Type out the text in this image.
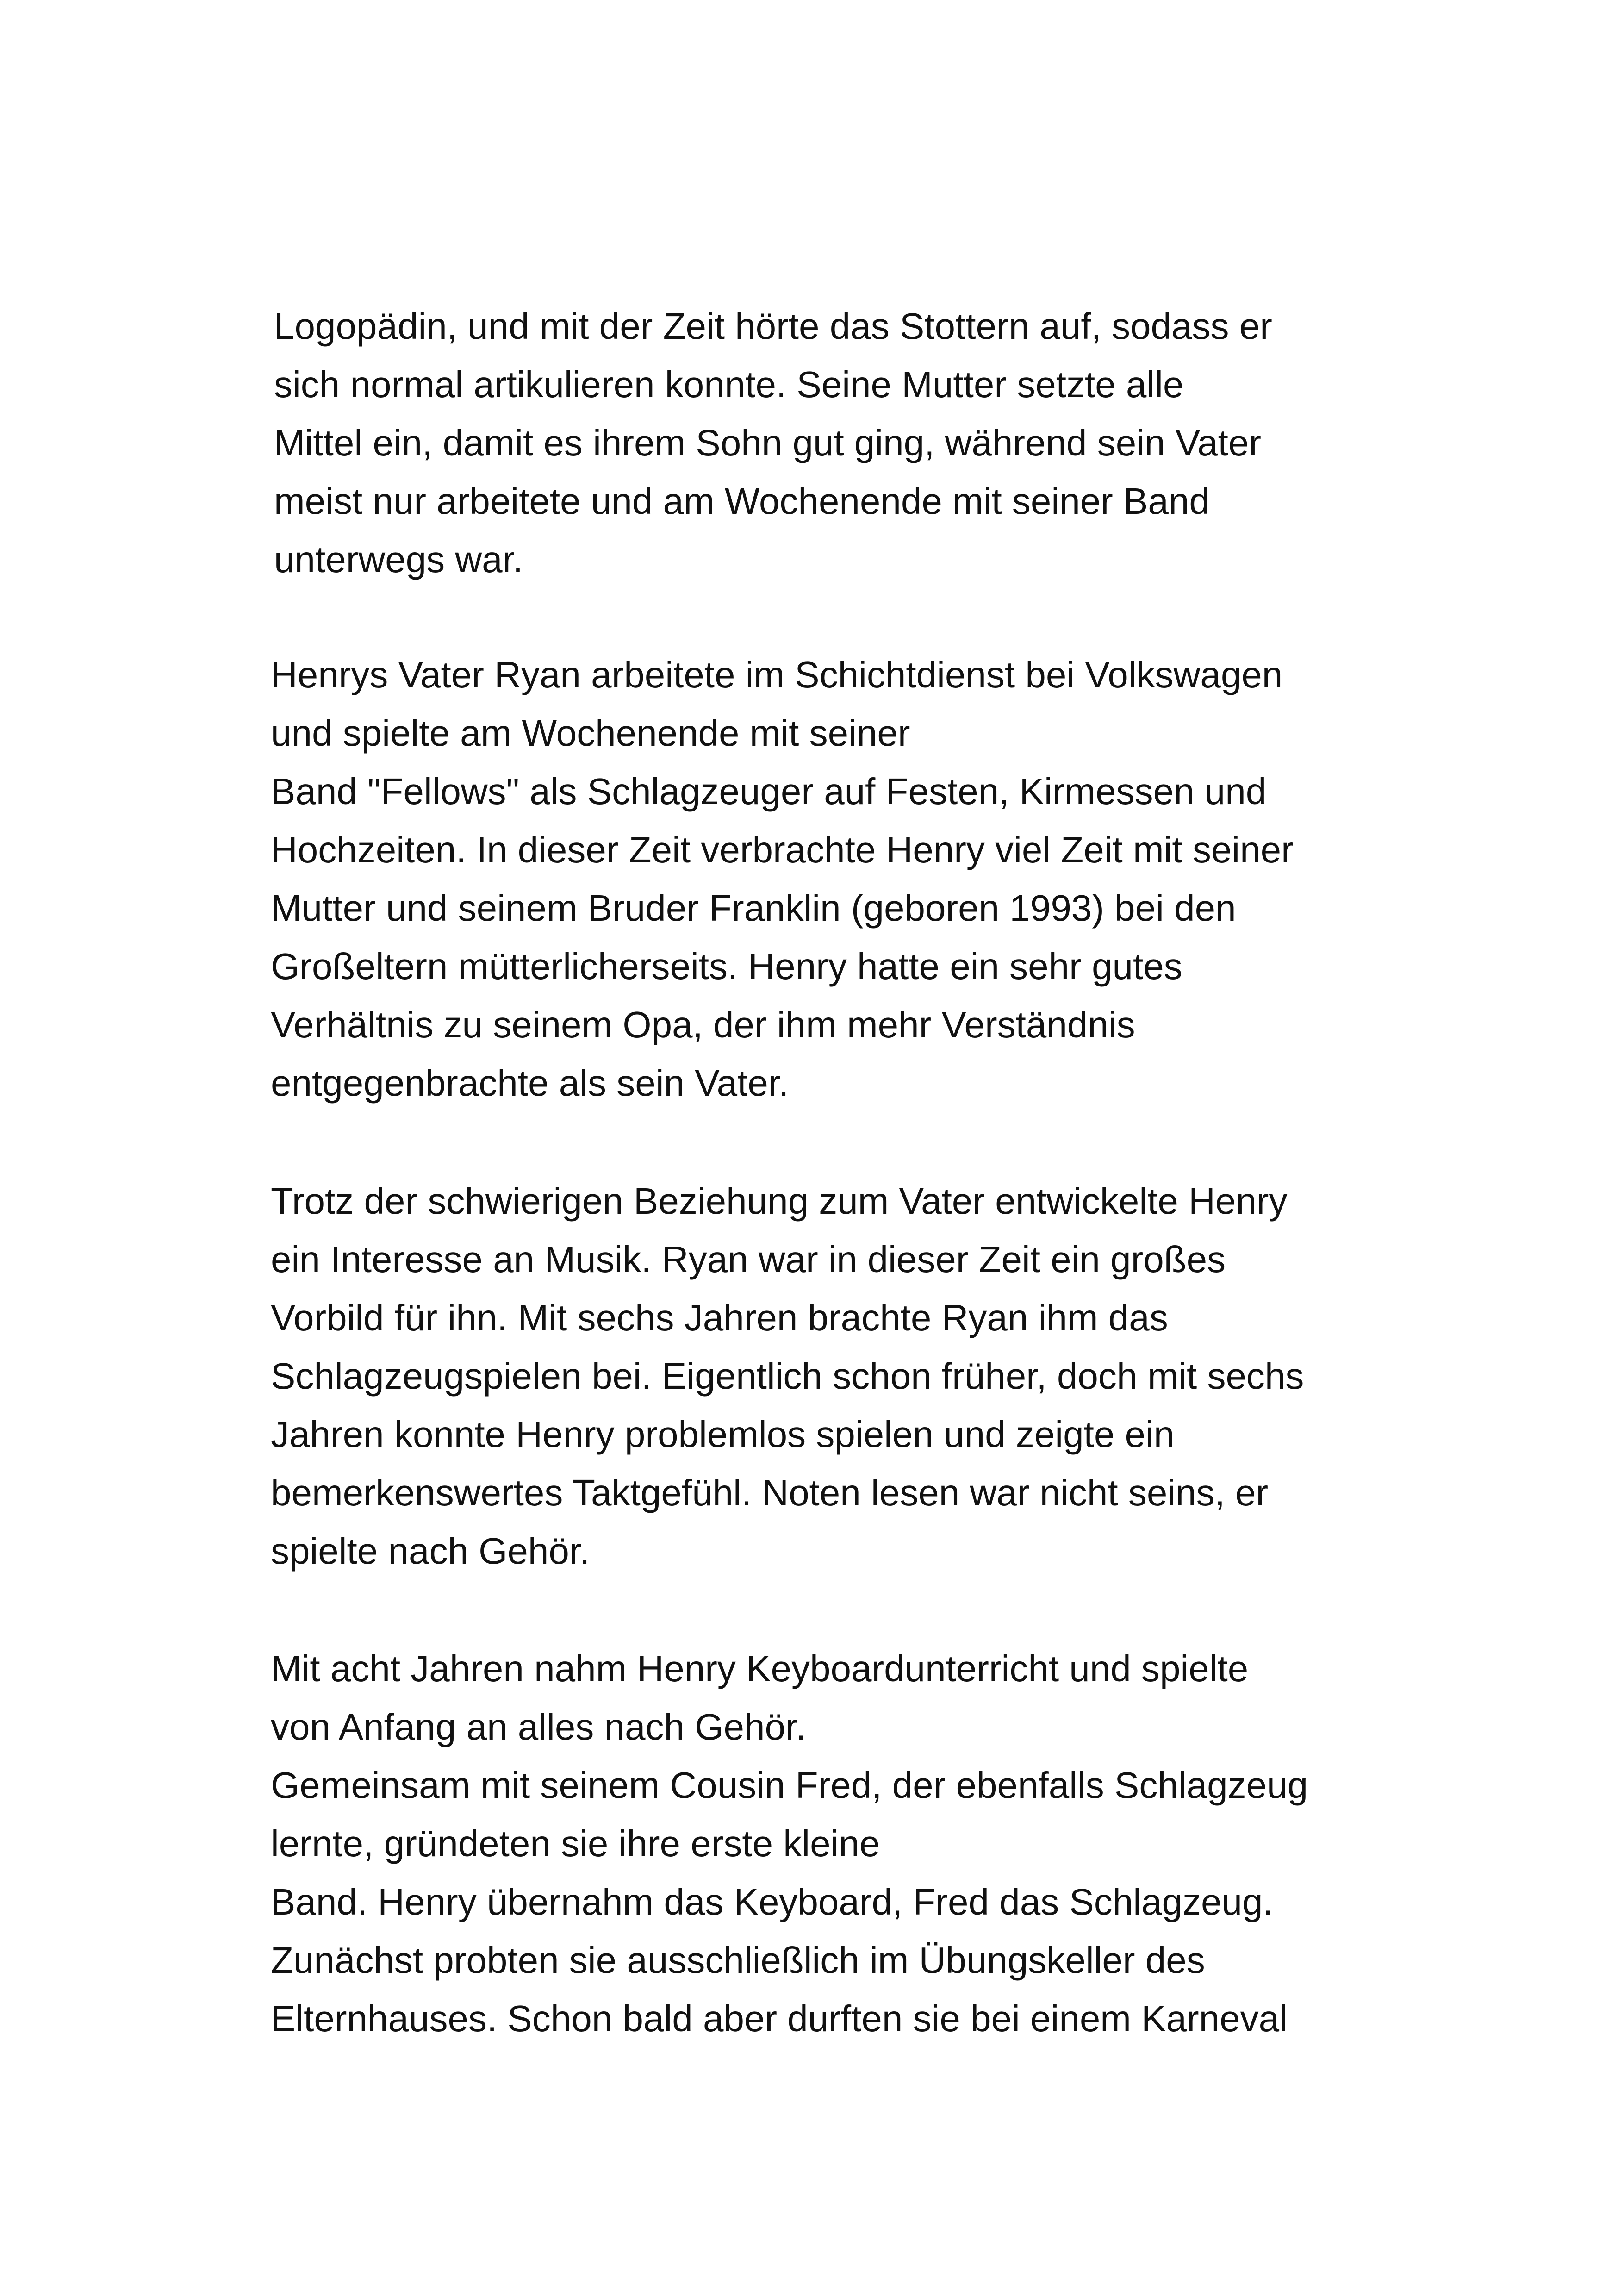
Logopädin, und mit der Zeit hörte das Stottern auf, sodass er
sich normal artikulieren konnte. Seine Mutter setzte alle
Mittel ein, damit es ihrem Sohn gut ging, während sein Vater
meist nur arbeitete und am Wochenende mit seiner Band
unterwegs war.
Henrys Vater Ryan arbeitete im Schichtdienst bei Volkswagen
und spielte am Wochenende mit seiner
Band "Fellows" als Schlagzeuger auf Festen, Kirmessen und
Hochzeiten. In dieser Zeit verbrachte Henry viel Zeit mit seiner
Mutter und seinem Bruder Franklin (geboren 1993) bei den
Großeltern mütterlicherseits. Henry hatte ein sehr gutes
Verhältnis zu seinem Opa, der ihm mehr Verständnis
entgegenbrachte als sein Vater.
Trotz der schwierigen Beziehung zum Vater entwickelte Henry
ein Interesse an Musik. Ryan war in dieser Zeit ein großes
Vorbild für ihn. Mit sechs Jahren brachte Ryan ihm das
Schlagzeugspielen bei. Eigentlich schon früher, doch mit sechs
Jahren konnte Henry problemlos spielen und zeigte ein
bemerkenswertes Taktgefühl. Noten lesen war nicht seins, er
spielte nach Gehör.
Mit acht Jahren nahm Henry Keyboardunterricht und spielte
von Anfang an alles nach Gehör.
Gemeinsam mit seinem Cousin Fred, der ebenfalls Schlagzeug
lernte, gründeten sie ihre erste kleine
Band. Henry übernahm das Keyboard, Fred das Schlagzeug.
Zunächst probten sie ausschließlich im Übungskeller des
Elternhauses. Schon bald aber durften sie bei einem Karneval
